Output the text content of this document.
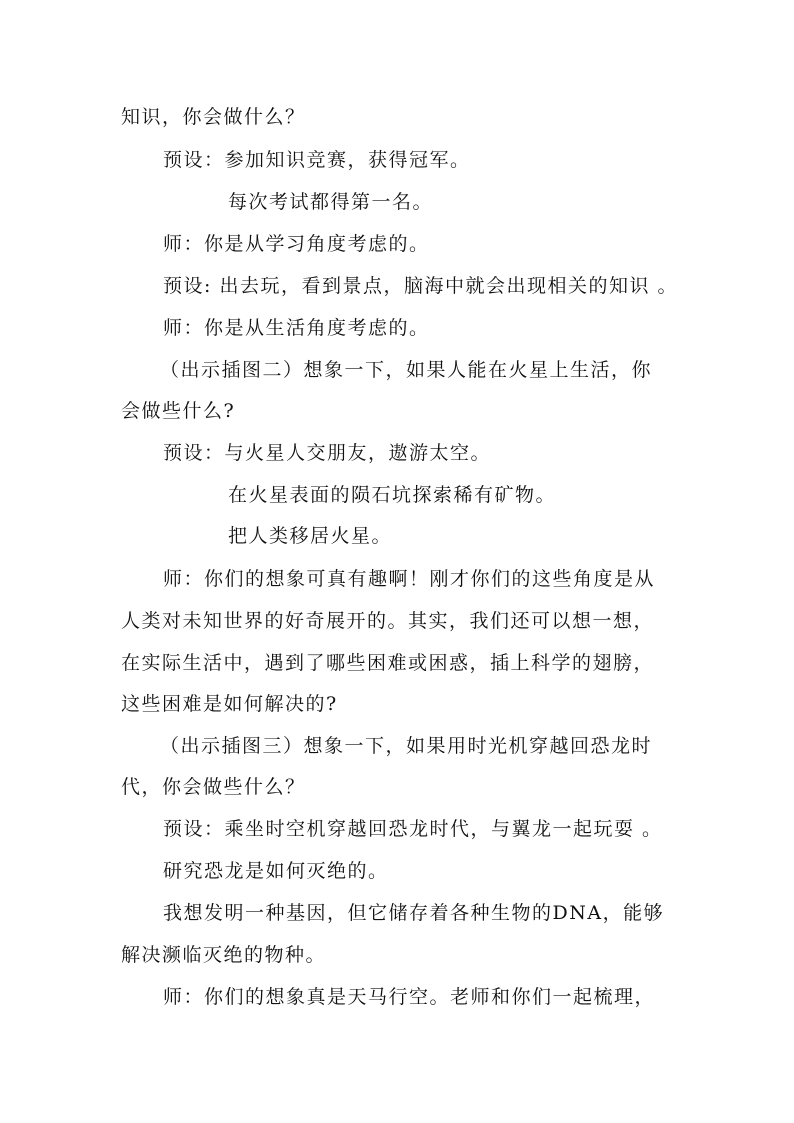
知识，你会做什么？
预设：参加知识竞赛，获得冠军。
每次考试都得第一名。
师：你是从学习角度考虑的。
预设: 出去玩，看到景点，脑海中就会出现相关的知识 。
师：你是从生活角度考虑的。
（出示插图二）想象一下，如果人能在火星上生活，你
会做些什么?
预设：与火星人交朋友，遨游太空。
在火星表面的陨石坑探索稀有矿物。
把人类移居火星。
师：你们的想象可真有趣啊！刚才你们的这些角度是从
人类对未知世界的好奇展开的。其实，我们还可以想一想，
在实际生活中，遇到了哪些困难或困惑，插上科学的翅膀，
这些困难是如何解决的?
（出示插图三）想象一下，如果用时光机穿越回恐龙时
代，你会做些什么？
预设：乘坐时空机穿越回恐龙时代，与翼龙一起玩耍 。
研究恐龙是如何灭绝的。
我想发明一种基因，但它储存着各种生物的DNA，能够
解决濒临灭绝的物种。
师：你们的想象真是天马行空。老师和你们一起梳理，
